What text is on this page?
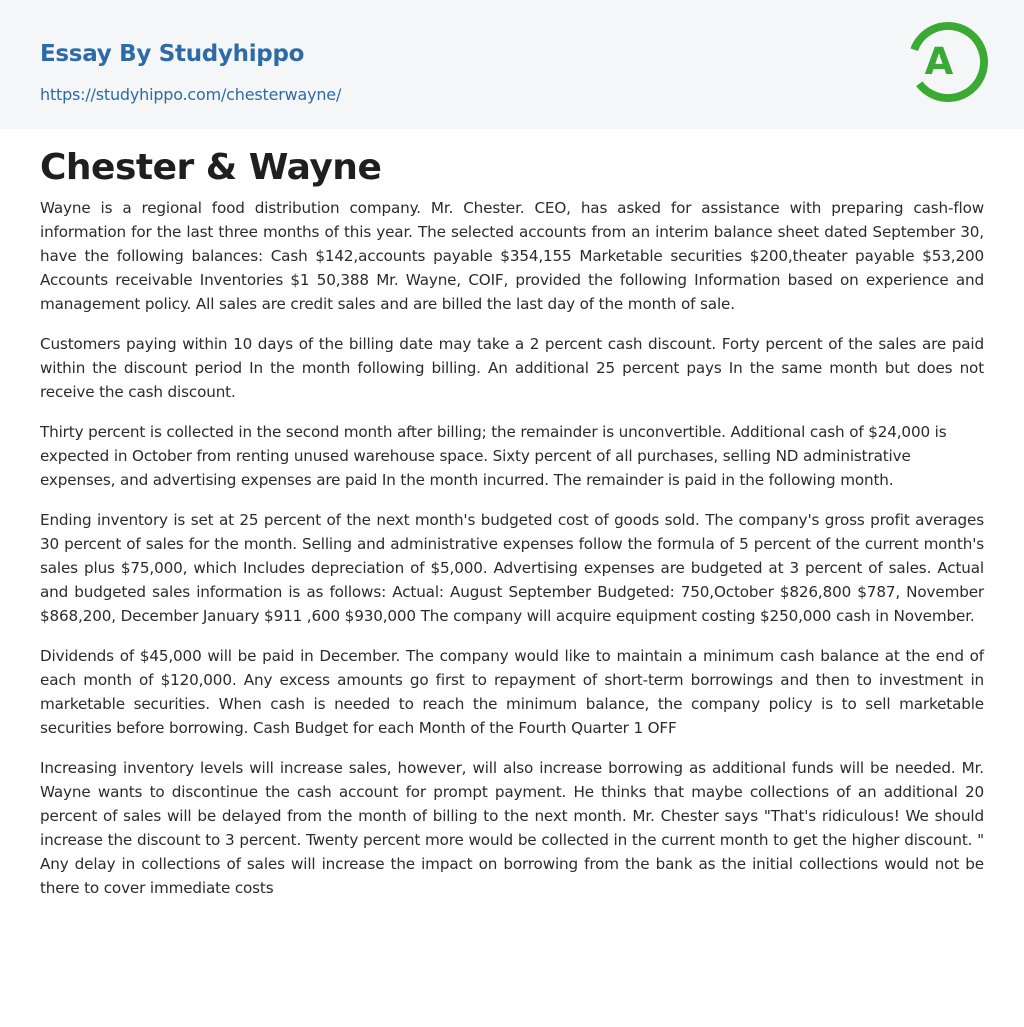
Essay By Studyhippo
https://studyhippo.com/chesterwayne/
A
Chester & Wayne

Wayne is a regional food distribution company. Mr. Chester. CEO, has asked for assistance with preparing cash-flow information for the last three months of this year. The selected accounts from an interim balance sheet dated September 30, have the following balances: Cash $142,accounts payable $354,155 Marketable securities $200,theater payable $53,200 Accounts receivable Inventories $1 50,388 Mr. Wayne, COIF, provided the following Information based on experience and management policy. All sales are credit sales and are billed the last day of the month of sale.

Customers paying within 10 days of the billing date may take a 2 percent cash discount. Forty percent of the sales are paid within the discount period In the month following billing. An additional 25 percent pays In the same month but does not receive the cash discount.

Thirty percent is collected in the second month after billing; the remainder is unconvertible. Additional cash of $24,000 is expected in October from renting unused warehouse space. Sixty percent of all purchases, selling ND administrative expenses, and advertising expenses are paid In the month incurred. The remainder is paid in the following month.

Ending inventory is set at 25 percent of the next month's budgeted cost of goods sold. The company's gross profit averages 30 percent of sales for the month. Selling and administrative expenses follow the formula of 5 percent of the current month's sales plus $75,000, which Includes depreciation of $5,000. Advertising expenses are budgeted at 3 percent of sales. Actual and budgeted sales information is as follows: Actual: August September Budgeted: 750,October $826,800 $787, November $868,200, December January $911 ,600 $930,000 The company will acquire equipment costing $250,000 cash in November.

Dividends of $45,000 will be paid in December. The company would like to maintain a minimum cash balance at the end of each month of $120,000. Any excess amounts go first to repayment of short-term borrowings and then to investment in marketable securities. When cash is needed to reach the minimum balance, the company policy is to sell marketable securities before borrowing. Cash Budget for each Month of the Fourth Quarter 1 OFF

Increasing inventory levels will increase sales, however, will also increase borrowing as additional funds will be needed. Mr. Wayne wants to discontinue the cash account for prompt payment. He thinks that maybe collections of an additional 20 percent of sales will be delayed from the month of billing to the next month. Mr. Chester says "That's ridiculous! We should increase the discount to 3 percent. Twenty percent more would be collected in the current month to get the higher discount. " Any delay in collections of sales will increase the impact on borrowing from the bank as the initial collections would not be there to cover immediate costs
